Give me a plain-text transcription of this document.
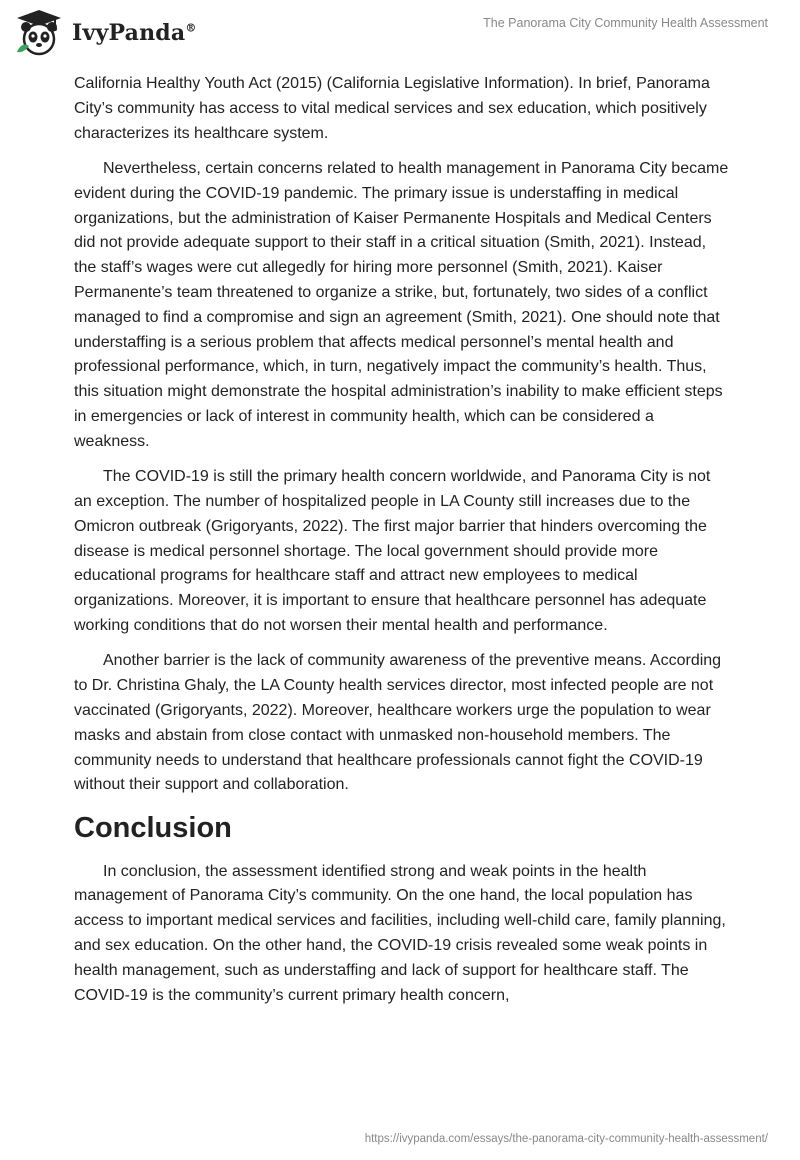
IvyPanda®	The Panorama City Community Health Assessment

California Healthy Youth Act (2015) (California Legislative Information). In brief, Panorama City’s community has access to vital medical services and sex education, which positively characterizes its healthcare system.

Nevertheless, certain concerns related to health management in Panorama City became evident during the COVID-19 pandemic. The primary issue is understaffing in medical organizations, but the administration of Kaiser Permanente Hospitals and Medical Centers did not provide adequate support to their staff in a critical situation (Smith, 2021). Instead, the staff’s wages were cut allegedly for hiring more personnel (Smith, 2021). Kaiser Permanente’s team threatened to organize a strike, but, fortunately, two sides of a conflict managed to find a compromise and sign an agreement (Smith, 2021). One should note that understaffing is a serious problem that affects medical personnel’s mental health and professional performance, which, in turn, negatively impact the community’s health. Thus, this situation might demonstrate the hospital administration’s inability to make efficient steps in emergencies or lack of interest in community health, which can be considered a weakness.

The COVID-19 is still the primary health concern worldwide, and Panorama City is not an exception. The number of hospitalized people in LA County still increases due to the Omicron outbreak (Grigoryants, 2022). The first major barrier that hinders overcoming the disease is medical personnel shortage. The local government should provide more educational programs for healthcare staff and attract new employees to medical organizations. Moreover, it is important to ensure that healthcare personnel has adequate working conditions that do not worsen their mental health and performance.

Another barrier is the lack of community awareness of the preventive means. According to Dr. Christina Ghaly, the LA County health services director, most infected people are not vaccinated (Grigoryants, 2022). Moreover, healthcare workers urge the population to wear masks and abstain from close contact with unmasked non-household members. The community needs to understand that healthcare professionals cannot fight the COVID-19 without their support and collaboration.

Conclusion

In conclusion, the assessment identified strong and weak points in the health management of Panorama City’s community. On the one hand, the local population has access to important medical services and facilities, including well-child care, family planning, and sex education. On the other hand, the COVID-19 crisis revealed some weak points in health management, such as understaffing and lack of support for healthcare staff. The COVID-19 is the community’s current primary health concern,

https://ivypanda.com/essays/the-panorama-city-community-health-assessment/
